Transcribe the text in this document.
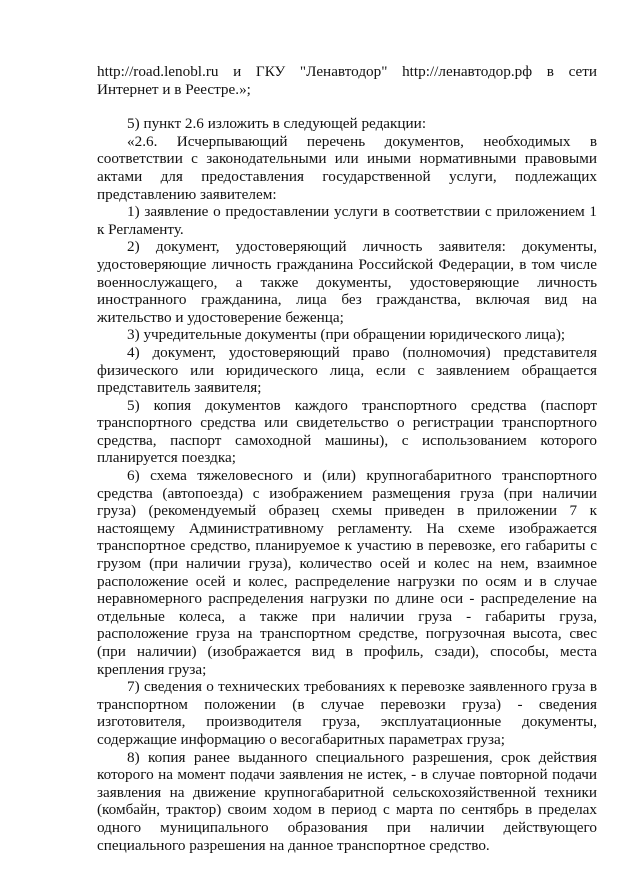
http://road.lenobl.ru и ГКУ "Ленавтодор" http://ленавтодор.рф в сети Интернет и в Реестре.»;

5) пункт 2.6 изложить в следующей редакции:

«2.6. Исчерпывающий перечень документов, необходимых в соответствии с законодательными или иными нормативными правовыми актами для предоставления государственной услуги, подлежащих представлению заявителем:

1) заявление о предоставлении услуги в соответствии с приложением 1 к Регламенту.

2) документ, удостоверяющий личность заявителя: документы, удостоверяющие личность гражданина Российской Федерации, в том числе военнослужащего, а также документы, удостоверяющие личность иностранного гражданина, лица без гражданства, включая вид на жительство и удостоверение беженца;

3) учредительные документы (при обращении юридического лица);

4) документ, удостоверяющий право (полномочия) представителя физического или юридического лица, если с заявлением обращается представитель заявителя;

5) копия документов каждого транспортного средства (паспорт транспортного средства или свидетельство о регистрации транспортного средства, паспорт самоходной машины), с использованием которого планируется поездка;

6) схема тяжеловесного и (или) крупногабаритного транспортного средства (автопоезда) с изображением размещения груза (при наличии груза) (рекомендуемый образец схемы приведен в приложении 7 к настоящему Административному регламенту. На схеме изображается транспортное средство, планируемое к участию в перевозке, его габариты с грузом (при наличии груза), количество осей и колес на нем, взаимное расположение осей и колес, распределение нагрузки по осям и в случае неравномерного распределения нагрузки по длине оси - распределение на отдельные колеса, а также при наличии груза - габариты груза, расположение груза на транспортном средстве, погрузочная высота, свес (при наличии) (изображается вид в профиль, сзади), способы, места крепления груза;

7) сведения о технических требованиях к перевозке заявленного груза в транспортном положении (в случае перевозки груза) - сведения изготовителя, производителя груза, эксплуатационные документы, содержащие информацию о весогабаритных параметрах груза;

8) копия ранее выданного специального разрешения, срок действия которого на момент подачи заявления не истек, - в случае повторной подачи заявления на движение крупногабаритной сельскохозяйственной техники (комбайн, трактор) своим ходом в период с марта по сентябрь в пределах одного муниципального образования при наличии действующего специального разрешения на данное транспортное средство.
